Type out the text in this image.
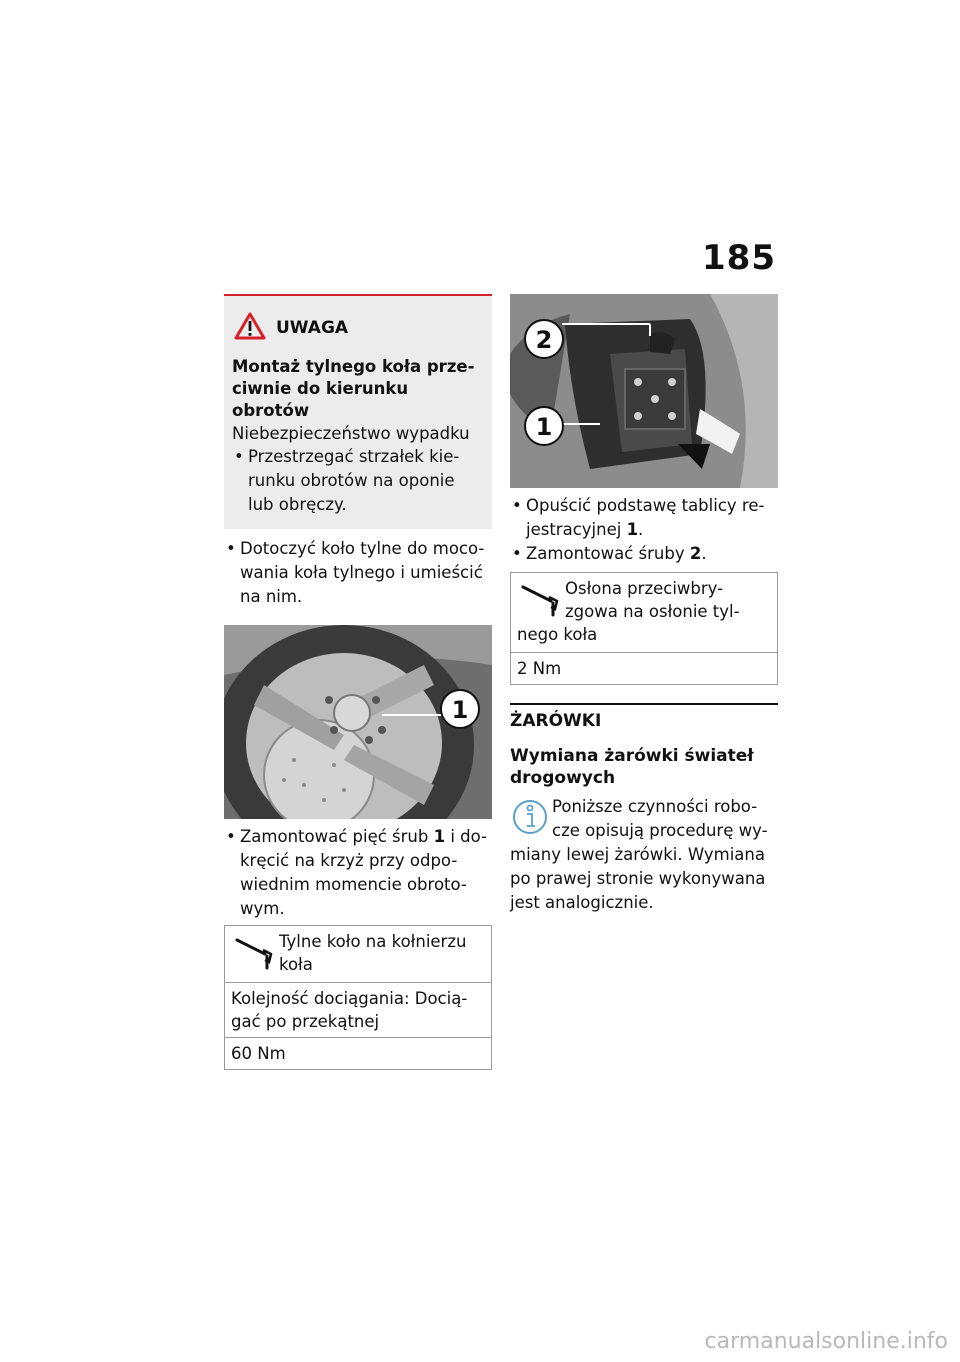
185
UWAGA
Montaż tylnego koła prze-ciwnie do kierunku obrotów
Niebezpieczeństwo wypadku
• Przestrzegać strzałek kie-runku obrotów na oponie lub obręczy.
• Dotoczyć koło tylne do moco-wania koła tylnego i umieścić na nim.
1
• Zamontować pięć śrub 1 i do-kręcić na krzyż przy odpo-wiednim momencie obroto-wym.
Tylne koło na kołnierzu koła
Kolejność dociągania: Docią-gać po przekątnej
60 Nm
2
1
• Opuścić podstawę tablicy re-jestracyjnej 1.
• Zamontować śruby 2.
Osłona przeciwbry-zgowa na osłonie tyl-nego koła
2 Nm
ŻARÓWKI
Wymiana żarówki świateł drogowych
Poniższe czynności robo-cze opisują procedurę wy-miany lewej żarówki. Wymiana po prawej stronie wykonywana jest analogicznie.
carmanualsonline.info
